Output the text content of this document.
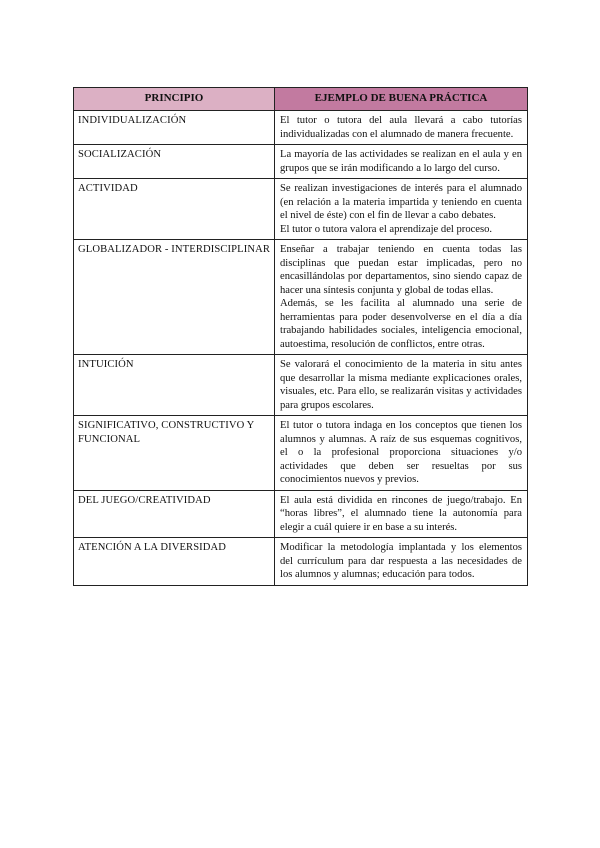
PRINCIPIO	EJEMPLO DE BUENA PRÁCTICA
INDIVIDUALIZACIÓN	El tutor o tutora del aula llevará a cabo tutorías individualizadas con el alumnado de manera frecuente.

SOCIALIZACIÓN	La mayoría de las actividades se realizan en el aula y en grupos que se irán modificando a lo largo del curso.

ACTIVIDAD	Se realizan investigaciones de interés para el alumnado (en relación a la materia impartida y teniendo en cuenta el nivel de éste) con el fin de llevar a cabo debates.
El tutor o tutora valora el aprendizaje del proceso.

GLOBALIZADOR - INTERDISCIPLINAR	Enseñar a trabajar teniendo en cuenta todas las disciplinas que puedan estar implicadas, pero no encasillándolas por departamentos, sino siendo capaz de hacer una síntesis conjunta y global de todas ellas.
Además, se les facilita al alumnado una serie de herramientas para poder desenvolverse en el día a día trabajando habilidades sociales, inteligencia emocional, autoestima, resolución de conflictos, entre otras.

INTUICIÓN	Se valorará el conocimiento de la materia in situ antes que desarrollar la misma mediante explicaciones orales, visuales, etc. Para ello, se realizarán visitas y actividades para grupos escolares.

SIGNIFICATIVO, CONSTRUCTIVO Y FUNCIONAL	El tutor o tutora indaga en los conceptos que tienen los alumnos y alumnas. A raíz de sus esquemas cognitivos, el o la profesional proporciona situaciones y/o actividades que deben ser resueltas por sus conocimientos nuevos y previos.

DEL JUEGO/CREATIVIDAD	El aula está dividida en rincones de juego/trabajo. En “horas libres”, el alumnado tiene la autonomía para elegir a cuál quiere ir en base a su interés.

ATENCIÓN A LA DIVERSIDAD	Modificar la metodología implantada y los elementos del currículum para dar respuesta a las necesidades de los alumnos y alumnas; educación para todos.
